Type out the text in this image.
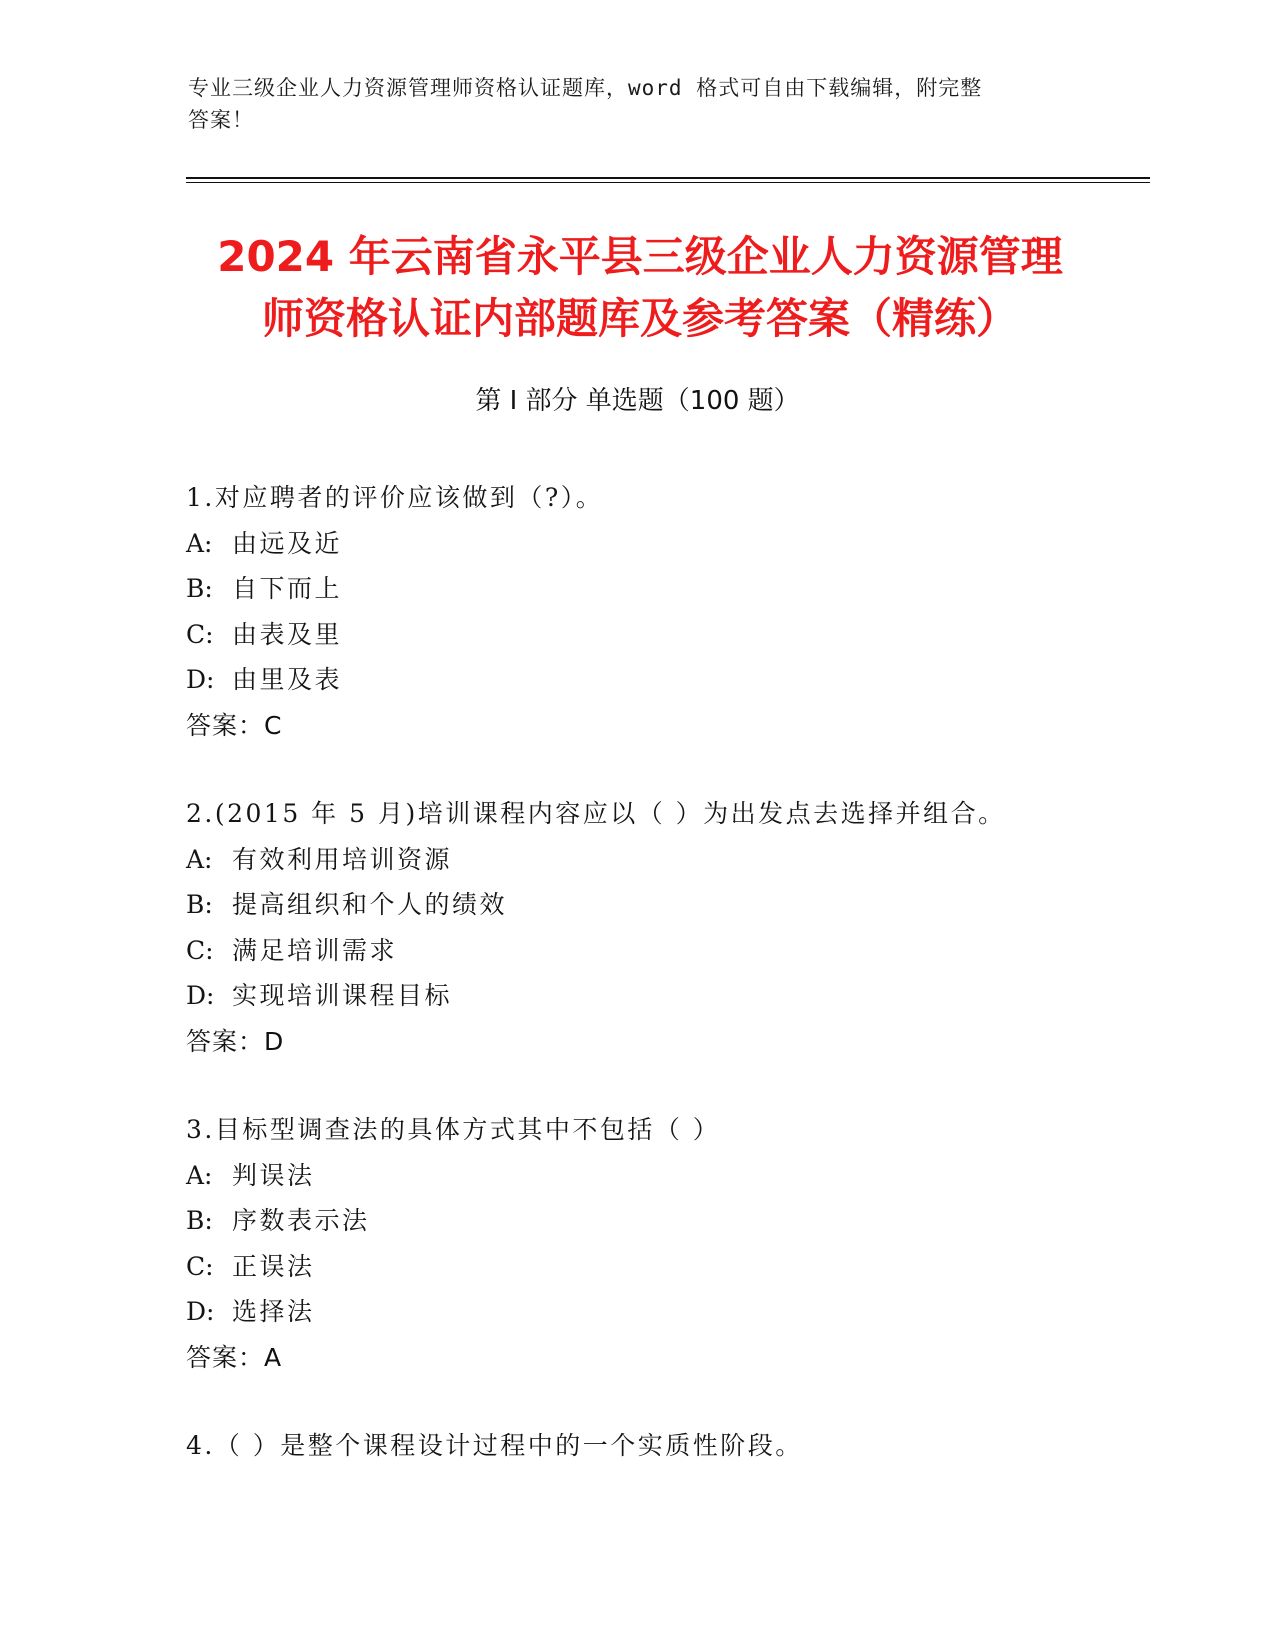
专业三级企业人力资源管理师资格认证题库，word 格式可自由下载编辑，附完整
答案！
2024 年云南省永平县三级企业人力资源管理
师资格认证内部题库及参考答案（精练）
第 I 部分 单选题（100 题）
1.对应聘者的评价应该做到（?）。
A: 由远及近
B: 自下而上
C: 由表及里
D: 由里及表
答案：C
2.(2015 年 5 月)培训课程内容应以（ ）为出发点去选择并组合。
A: 有效利用培训资源
B: 提高组织和个人的绩效
C: 满足培训需求
D: 实现培训课程目标
答案：D
3.目标型调查法的具体方式其中不包括（ ）
A: 判误法
B: 序数表示法
C: 正误法
D: 选择法
答案：A
4.（ ）是整个课程设计过程中的一个实质性阶段。
